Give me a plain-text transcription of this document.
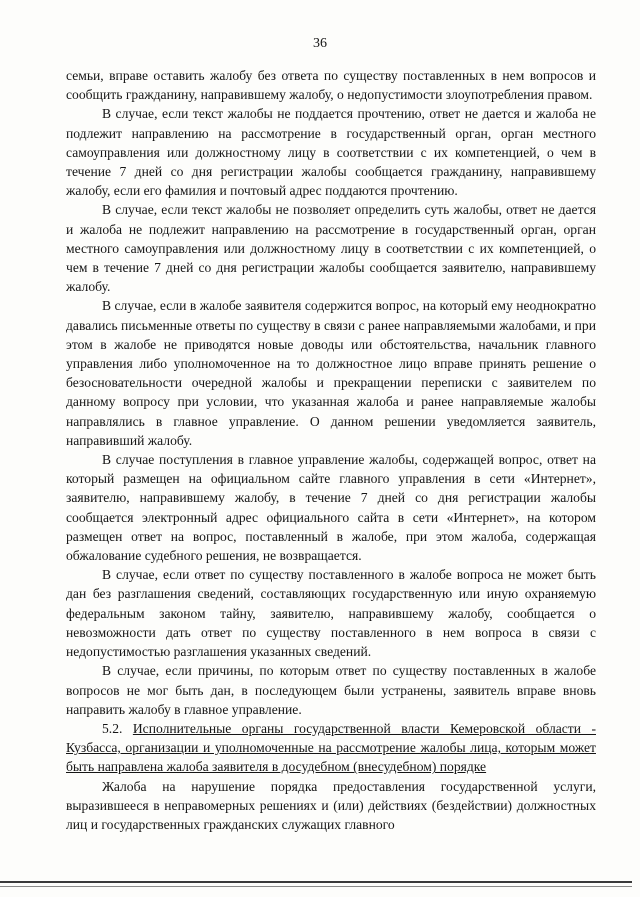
36

семьи, вправе оставить жалобу без ответа по существу поставленных в нем вопросов и сообщить гражданину, направившему жалобу, о недопустимости злоупотребления правом.

В случае, если текст жалобы не поддается прочтению, ответ не дается и жалоба не подлежит направлению на рассмотрение в государственный орган, орган местного самоуправления или должностному лицу в соответствии с их компетенцией, о чем в течение 7 дней со дня регистрации жалобы сообщается гражданину, направившему жалобу, если его фамилия и почтовый адрес поддаются прочтению.

В случае, если текст жалобы не позволяет определить суть жалобы, ответ не дается и жалоба не подлежит направлению на рассмотрение в государственный орган, орган местного самоуправления или должностному лицу в соответствии с их компетенцией, о чем в течение 7 дней со дня регистрации жалобы сообщается заявителю, направившему жалобу.

В случае, если в жалобе заявителя содержится вопрос, на который ему неоднократно давались письменные ответы по существу в связи с ранее направляемыми жалобами, и при этом в жалобе не приводятся новые доводы или обстоятельства, начальник главного управления либо уполномоченное на то должностное лицо вправе принять решение о безосновательности очередной жалобы и прекращении переписки с заявителем по данному вопросу при условии, что указанная жалоба и ранее направляемые жалобы направлялись в главное управление. О данном решении уведомляется заявитель, направивший жалобу.

В случае поступления в главное управление жалобы, содержащей вопрос, ответ на который размещен на официальном сайте главного управления в сети «Интернет», заявителю, направившему жалобу, в течение 7 дней со дня регистрации жалобы сообщается электронный адрес официального сайта в сети «Интернет», на котором размещен ответ на вопрос, поставленный в жалобе, при этом жалоба, содержащая обжалование судебного решения, не возвращается.

В случае, если ответ по существу поставленного в жалобе вопроса не может быть дан без разглашения сведений, составляющих государственную или иную охраняемую федеральным законом тайну, заявителю, направившему жалобу, сообщается о невозможности дать ответ по существу поставленного в нем вопроса в связи с недопустимостью разглашения указанных сведений.

В случае, если причины, по которым ответ по существу поставленных в жалобе вопросов не мог быть дан, в последующем были устранены, заявитель вправе вновь направить жалобу в главное управление.

5.2. Исполнительные органы государственной власти Кемеровской области - Кузбасса, организации и уполномоченные на рассмотрение жалобы лица, которым может быть направлена жалоба заявителя в досудебном (внесудебном) порядке

Жалоба на нарушение порядка предоставления государственной услуги, выразившееся в неправомерных решениях и (или) действиях (бездействии) должностных лиц и государственных гражданских служащих главного
